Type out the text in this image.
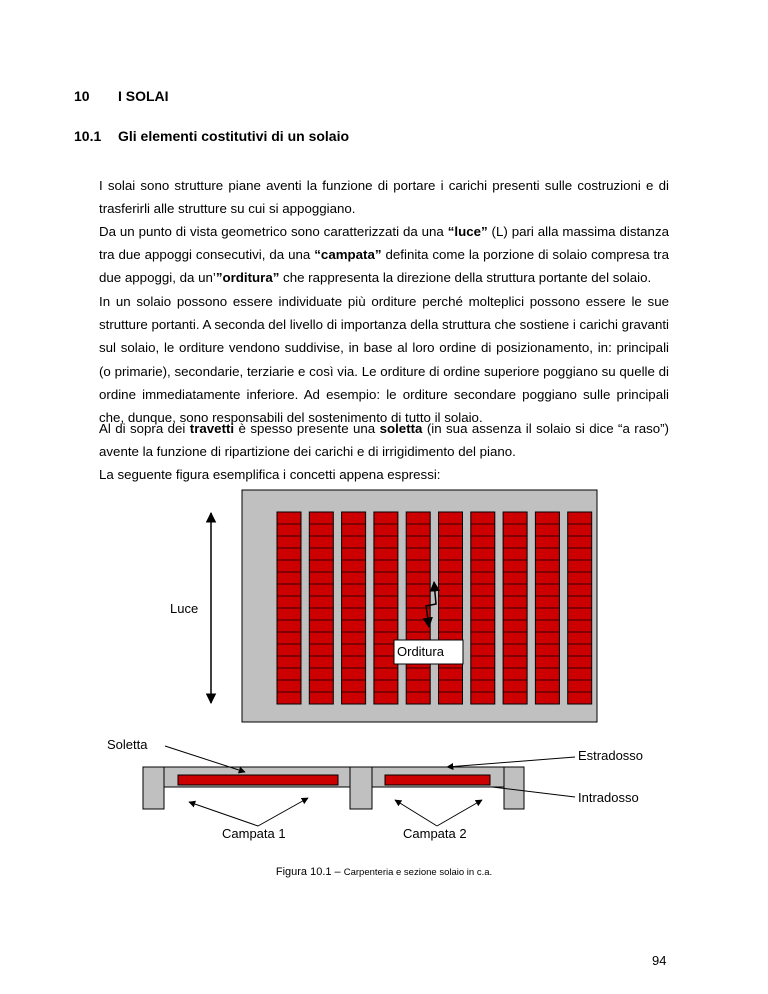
10 I SOLAI
10.1 Gli elementi costitutivi di un solaio
I solai sono strutture piane aventi la funzione di portare i carichi presenti sulle costruzioni e di trasferirli alle strutture su cui si appoggiano.
Da un punto di vista geometrico sono caratterizzati da una “luce” (L) pari alla massima distanza tra due appoggi consecutivi, da una “campata” definita come la porzione di solaio compresa tra due appoggi, da un’”orditura” che rappresenta la direzione della struttura portante del solaio.
In un solaio possono essere individuate più orditure perché molteplici possono essere le sue strutture portanti. A seconda del livello di importanza della struttura che sostiene i carichi gravanti sul solaio, le orditure vendono suddivise, in base al loro ordine di posizionamento, in: principali (o primarie), secondarie, terziarie e così via. Le orditure di ordine superiore poggiano su quelle di ordine immediatamente inferiore. Ad esempio: le orditure secondare poggiano sulle principali che, dunque, sono responsabili del sostenimento di tutto il solaio.
Al di sopra dei travetti è spesso presente una soletta (in sua assenza il solaio si dice “a raso”) avente la funzione di ripartizione dei carichi e di irrigidimento del piano.
La seguente figura esemplifica i concetti appena espressi:
Luce
Orditura
Soletta
Estradosso
Intradosso
Campata 1	Campata 2
Figura 10.1 – Carpenteria e sezione solaio in c.a.
94
